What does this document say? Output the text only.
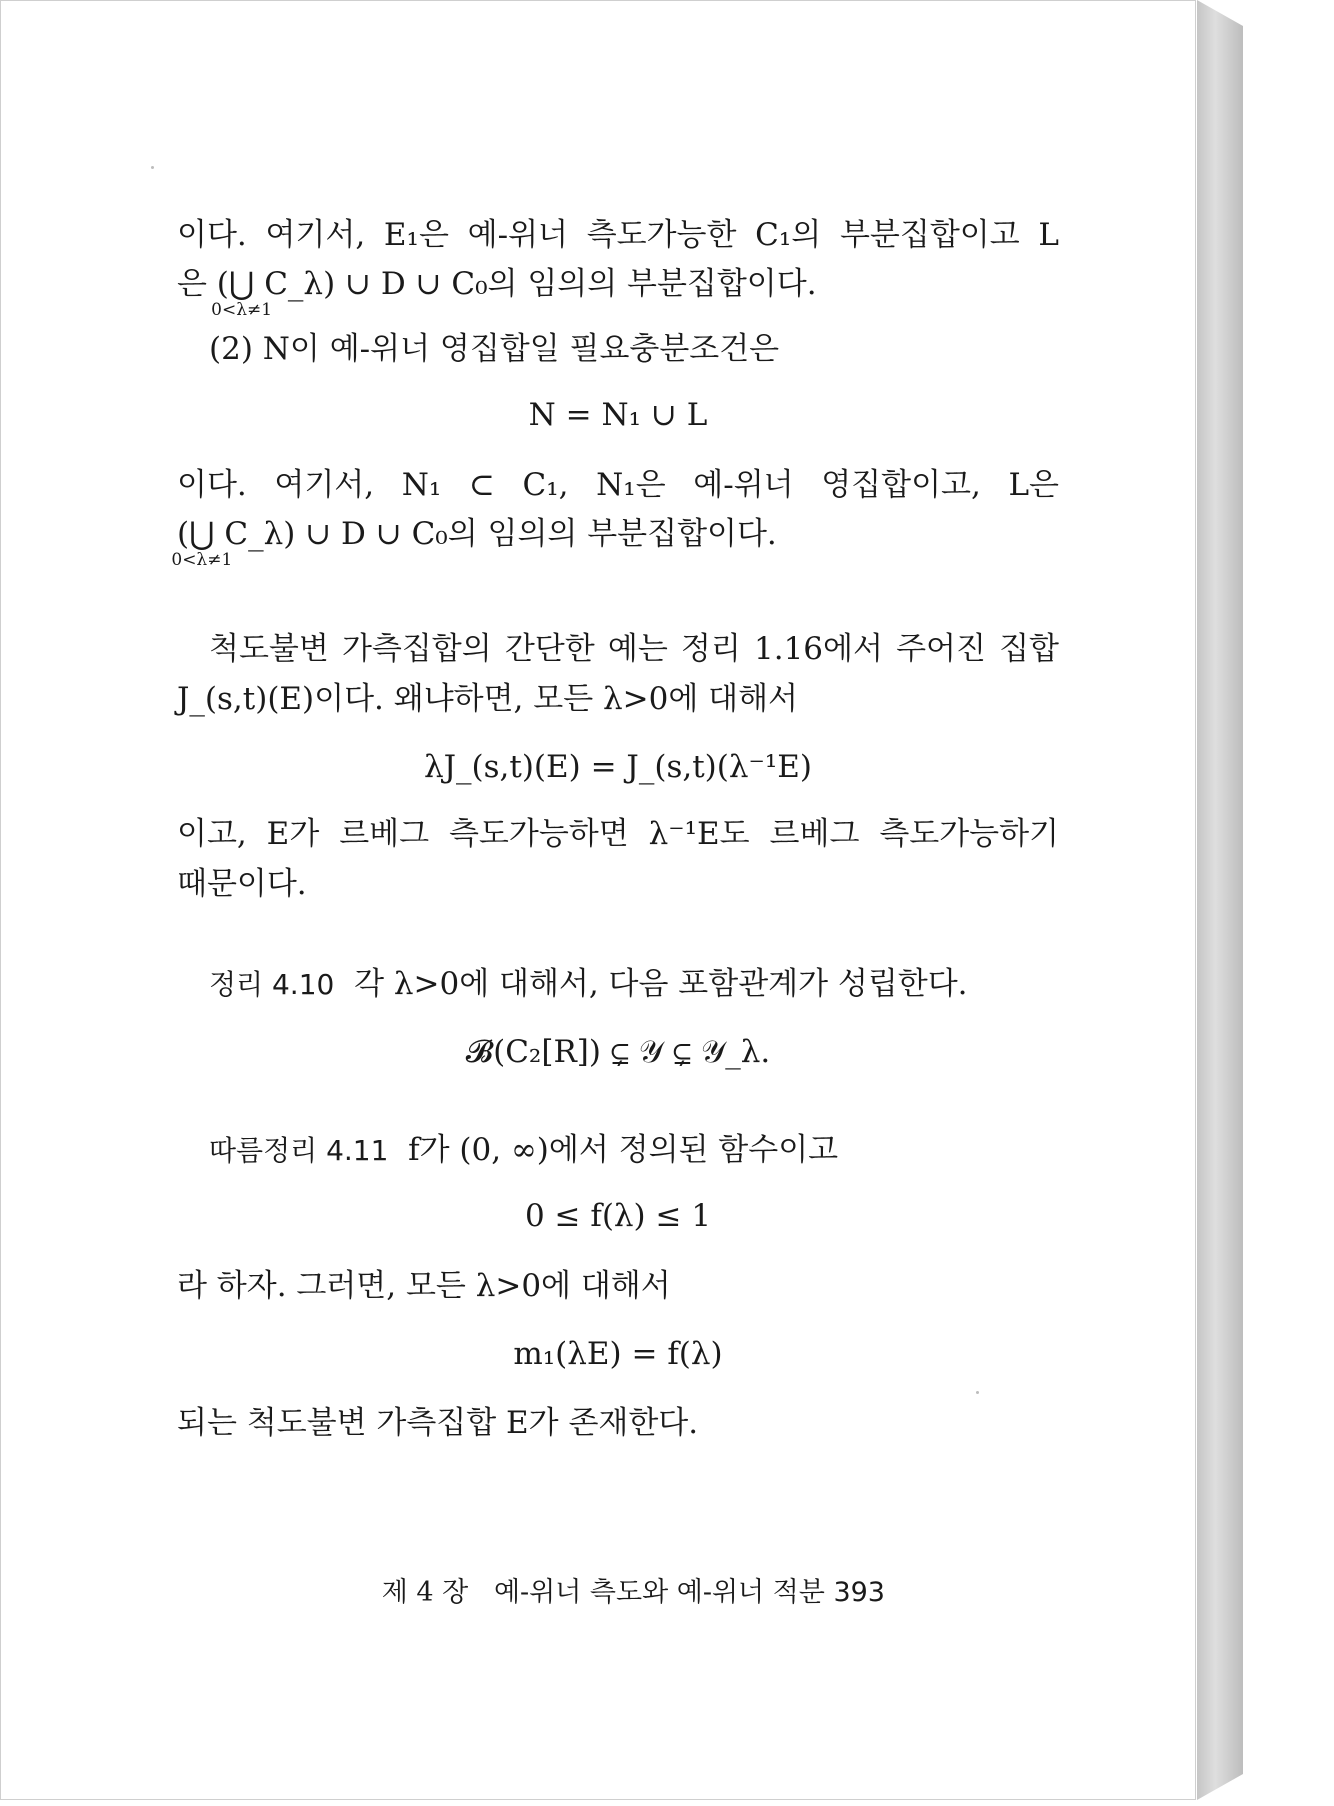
이다. 여기서, E₁은 예-위너 측도가능한 C₁의 부분집합이고 L

은 (⋃
0<λ≠1
C_λ) ∪ D ∪ C₀의 임의의 부분집합이다.

(2) N이 예-위너 영집합일 필요충분조건은

N = N₁ ∪ L

이다. 여기서, N₁ ⊂ C₁, N₁은 예-위너 영집합이고, L은

(⋃
0<λ≠1
C_λ) ∪ D ∪ C₀의 임의의 부분집합이다.

척도불변 가측집합의 간단한 예는 정리 1.16에서 주어진 집합

J_(s,t)(E)이다. 왜냐하면, 모든 λ>0에 대해서

λJ_(s,t)(E) = J_(s,t)(λ⁻¹E)

이고, E가 르베그 측도가능하면 λ⁻¹E도 르베그 측도가능하기

때문이다.

정리 4.10 각 λ>0에 대해서, 다음 포함관계가 성립한다.

𝓑(C₂[R]) ⊊ 𝒴 ⊊ 𝒴_λ.

따름정리 4.11 f가 (0, ∞)에서 정의된 함수이고

0 ≤ f(λ) ≤ 1

라 하자. 그러면, 모든 λ>0에 대해서

m₁(λE) = f(λ)

되는 척도불변 가측집합 E가 존재한다.

제 4 장 예-위너 측도와 예-위너 적분 393
